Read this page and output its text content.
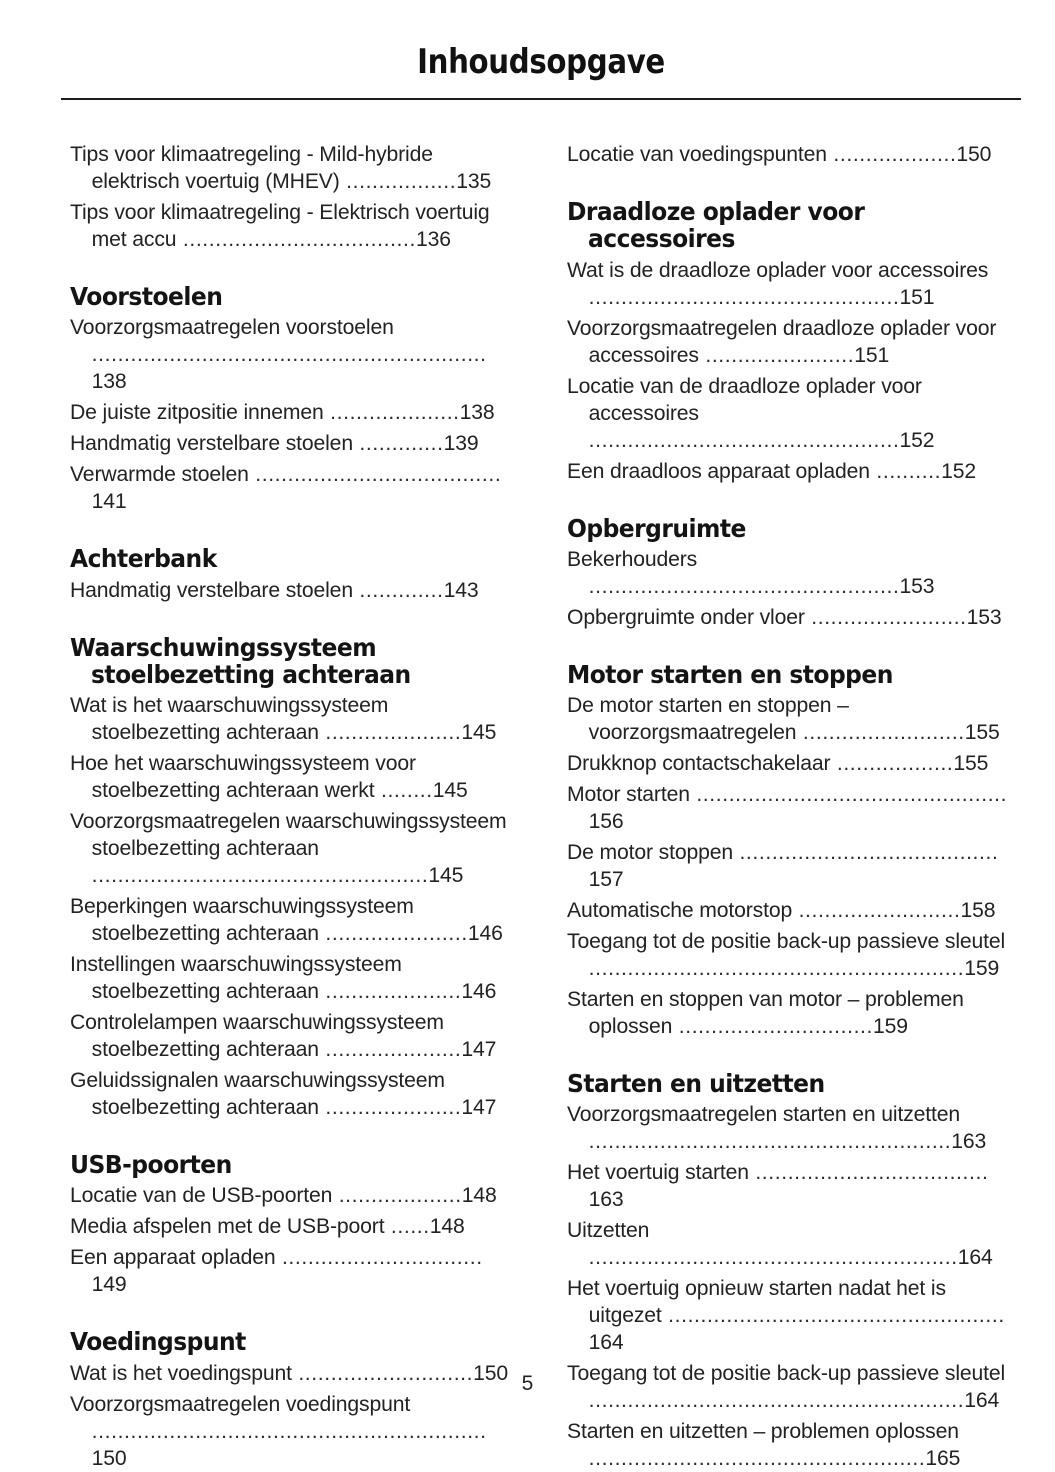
Inhoudsopgave
Tips voor klimaatregeling - Mild-hybride elektrisch voertuig (MHEV) .................135
Tips voor klimaatregeling - Elektrisch voertuig met accu ....................................136
Voorstoelen
Voorzorgsmaatregelen voorstoelen .............................................................138
De juiste zitpositie innemen ....................138
Handmatig verstelbare stoelen .............139
Verwarmde stoelen ......................................141
Achterbank
Handmatig verstelbare stoelen .............143
Waarschuwingssysteem stoelbezetting achteraan
Wat is het waarschuwingssysteem stoelbezetting achteraan .....................145
Hoe het waarschuwingssysteem voor stoelbezetting achteraan werkt ........145
Voorzorgsmaatregelen waarschuwingssysteem stoelbezetting achteraan ....................................................145
Beperkingen waarschuwingssysteem stoelbezetting achteraan ......................146
Instellingen waarschuwingssysteem stoelbezetting achteraan .....................146
Controlelampen waarschuwingssysteem stoelbezetting achteraan .....................147
Geluidssignalen waarschuwingssysteem stoelbezetting achteraan .....................147
USB-poorten
Locatie van de USB-poorten ...................148
Media afspelen met de USB-poort ......148
Een apparaat opladen ...............................149
Voedingspunt
Wat is het voedingspunt ...........................150
Voorzorgsmaatregelen voedingspunt .............................................................150
Locatie van voedingspunten ...................150
Draadloze oplader voor accessoires
Wat is de draadloze oplader voor accessoires ................................................151
Voorzorgsmaatregelen draadloze oplader voor accessoires .......................151
Locatie van de draadloze oplader voor accessoires ................................................152
Een draadloos apparaat opladen ..........152
Opbergruimte
Bekerhouders ................................................153
Opbergruimte onder vloer ........................153
Motor starten en stoppen
De motor starten en stoppen – voorzorgsmaatregelen .........................155
Drukknop contactschakelaar ..................155
Motor starten ................................................156
De motor stoppen ........................................157
Automatische motorstop .........................158
Toegang tot de positie back-up passieve sleutel ..........................................................159
Starten en stoppen van motor – problemen oplossen ..............................159
Starten en uitzetten
Voorzorgsmaatregelen starten en uitzetten ........................................................163
Het voertuig starten ....................................163
Uitzetten .........................................................164
Het voertuig opnieuw starten nadat het is uitgezet ....................................................164
Toegang tot de positie back-up passieve sleutel ..........................................................164
Starten en uitzetten – problemen oplossen ....................................................165
5
